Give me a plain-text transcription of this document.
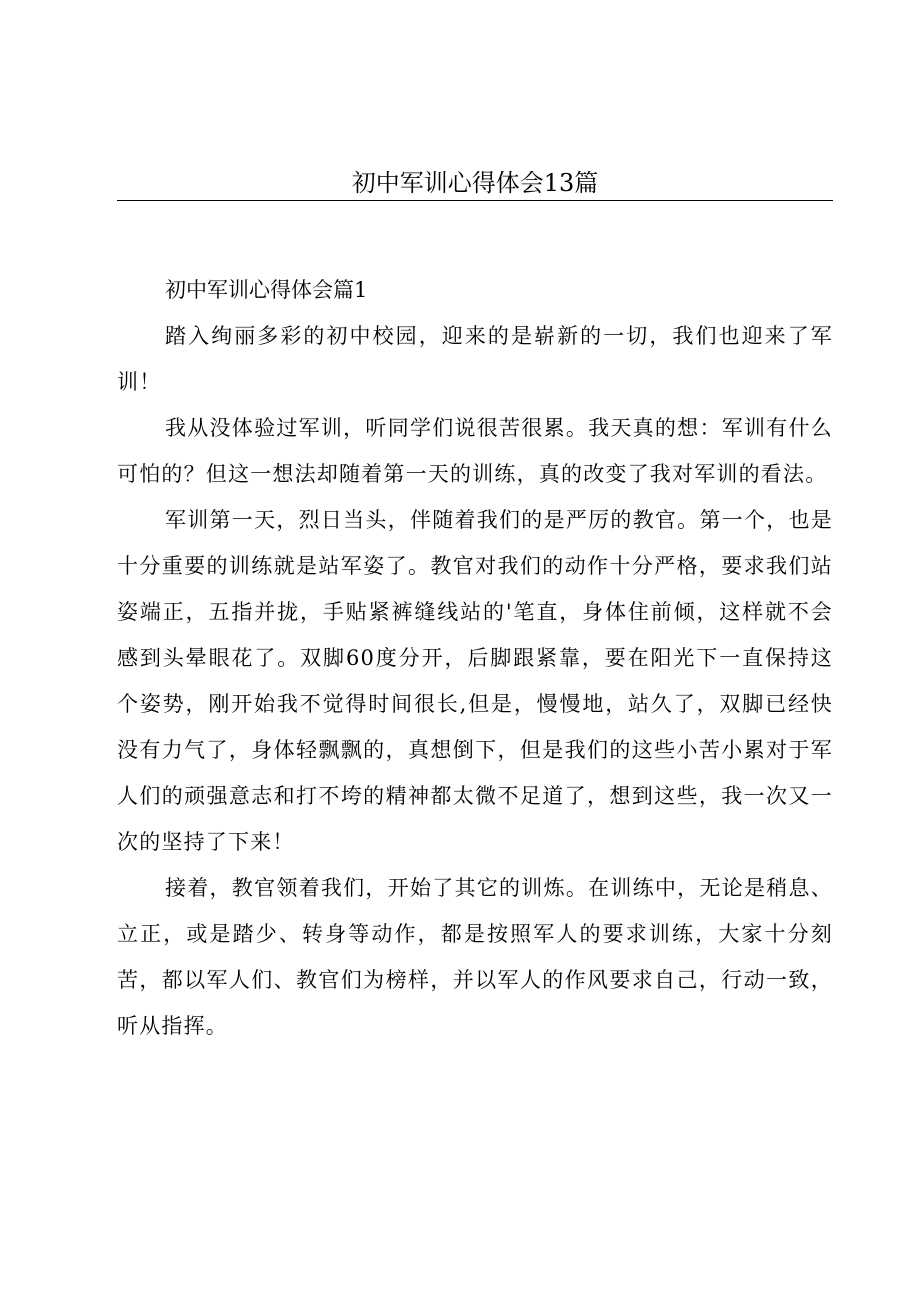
初中军训心得体会13篇
初中军训心得体会篇1

踏入绚丽多彩的初中校园，迎来的是崭新的一切，我们也迎来了军训！

我从没体验过军训，听同学们说很苦很累。我天真的想：军训有什么可怕的？但这一想法却随着第一天的训练，真的改变了我对军训的看法。

军训第一天，烈日当头，伴随着我们的是严厉的教官。第一个，也是十分重要的训练就是站军姿了。教官对我们的动作十分严格，要求我们站姿端正，五指并拢，手贴紧裤缝线站的'笔直，身体住前倾，这样就不会感到头晕眼花了。双脚60度分开，后脚跟紧靠，要在阳光下一直保持这个姿势，刚开始我不觉得时间很长,但是，慢慢地，站久了，双脚已经快没有力气了，身体轻飘飘的，真想倒下，但是我们的这些小苦小累对于军人们的顽强意志和打不垮的精神都太微不足道了，想到这些，我一次又一次的坚持了下来！

接着，教官领着我们，开始了其它的训炼。在训练中，无论是稍息、立正，或是踏少、转身等动作，都是按照军人的要求训练，大家十分刻苦，都以军人们、教官们为榜样，并以军人的作风要求自己，行动一致，听从指挥。
